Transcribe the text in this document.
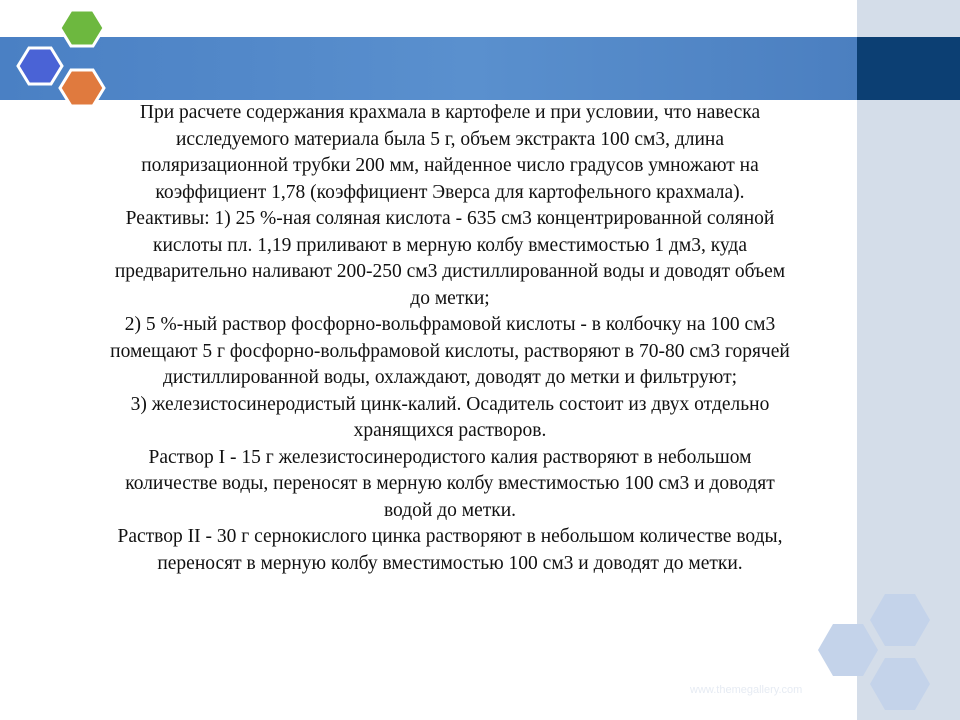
www.themegallery.com

При расчете содержания крахмала в картофеле и при условии, что навеска

исследуемого материала была 5 г, объем экстракта 100 см3, длина

поляризационной трубки 200 мм, найденное число градусов умножают на

коэффициент 1,78 (коэффициент Эверса для картофельного крахмала).

Реактивы: 1) 25 %-ная соляная кислота - 635 см3 концентрированной соляной

кислоты пл. 1,19 приливают в мерную колбу вместимостью 1 дм3, куда

предварительно наливают 200-250 см3 дистиллированной воды и доводят объем

до метки;

2) 5 %-ный раствор фосфорно-вольфрамовой кислоты - в колбочку на 100 см3

помещают 5 г фосфорно-вольфрамовой кислоты, растворяют в 70-80 см3 горячей

дистиллированной воды, охлаждают, доводят до метки и фильтруют;

3) железистосинеродистый цинк-калий. Осадитель состоит из двух отдельно

хранящихся растворов.

Раствор I - 15 г железистосинеродистого калия растворяют в небольшом

количестве воды, переносят в мерную колбу вместимостью 100 см3 и доводят

водой до метки.

Раствор II - 30 г сернокислого цинка растворяют в небольшом количестве воды,

переносят в мерную колбу вместимостью 100 см3 и доводят до метки.
